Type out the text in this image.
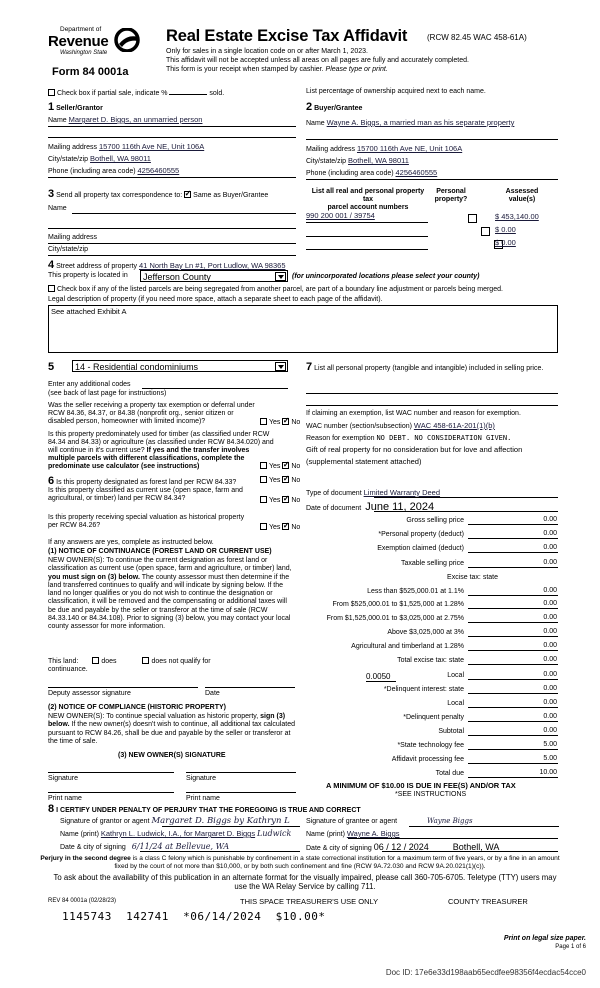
Department of
Revenue
Washington State
Form 84 0001a
Real Estate Excise Tax Affidavit (RCW 82.45 WAC 458-61A)
Only for sales in a single location code on or after March 1, 2023.
This affidavit will not be accepted unless all areas on all pages are fully and accurately completed.
This form is your receipt when stamped by cashier. Please type or print.
Check box if partial sale, indicate %	sold.	List percentage of ownership acquired next to each name.
1 Seller/Grantor
Name Margaret D. Biggs, an unmarried person
Mailing address 15700 116th Ave NE, Unit 106A
City/state/zip Bothell, WA 98011
Phone (including area code) 4256460555
2 Buyer/Grantee
Name Wayne A. Biggs, a married man as his separate property
Mailing address 15700 116th Ave NE, Unit 106A
City/state/zip Bothell, WA 98011
Phone (including area code) 4256460555
3 Send all property tax correspondence to: ✓ Same as Buyer/Grantee
Name
Mailing address
City/state/zip
List all real and personal property tax
parcel account numbers
Personal
property?
Assessed
value(s)
990 200 001 / 39754
	$ 453,140.00
$ 0.00
$ 0.00
4 Street address of property 41 North Bay Ln #1, Port Ludlow, WA 98365
This property is located in Jefferson County	(for unincorporated locations please select your county)
Check box if any of the listed parcels are being segregated from another parcel, are part of a boundary line adjustment or parcels being merged.
Legal description of property (if you need more space, attach a separate sheet to each page of the affidavit).
See attached Exhibit A
5 14 - Residential condominiums
Enter any additional codes
(see back of last page for instructions)
Was the seller receiving a property tax exemption or deferral under RCW 84.36, 84.37, or 84.38 (nonprofit org., senior citizen or disabled person, homeowner with limited income)?	Yes ✓ No
Is this property predominately used for timber (as classified under RCW 84.34 and 84.33) or agriculture (as classified under RCW 84.34.020) and will continue in it's current use? If yes and the transfer involves multiple parcels with different classifications, complete the predominate use calculator (see instructions)	Yes ✓ No
7 List all personal property (tangible and intangible) included in selling price.
If claiming an exemption, list WAC number and reason for exemption.
WAC number (section/subsection) WAC 458-61A-201(1)(b)
Reason for exemption NO DEBT. NO CONSIDERATION GIVEN.
Gift of real property for no consideration but for love and affection
(supplemental statement attached)
6 Is this property designated as forest land per RCW 84.33?	Yes ✓ No
Is this property classified as current use (open space, farm and agricultural, or timber) land per RCW 84.34?	Yes ✓ No
Is this property receiving special valuation as historical property per RCW 84.26?	Yes ✓ No
If any answers are yes, complete as instructed below.
(1) NOTICE OF CONTINUANCE (FOREST LAND OR CURRENT USE)
NEW OWNER(S): To continue the current designation as forest land or classification as current use (open space, farm and agriculture, or timber) land, you must sign on (3) below. The county assessor must then determine if the land transferred continues to qualify and will indicate by signing below. If the land no longer qualifies or you do not wish to continue the designation or classification, it will be removed and the compensating or additional taxes will be due and payable by the seller or transferor at the time of sale (RCW 84.33.140 or 84.34.108). Prior to signing (3) below, you may contact your local county assessor for more information.
This land:	does	does not qualify for
continuance.
Deputy assessor signature	Date
(2) NOTICE OF COMPLIANCE (HISTORIC PROPERTY)
NEW OWNER(S): To continue special valuation as historic property, sign (3) below. If the new owner(s) doesn't wish to continue, all additional tax calculated pursuant to RCW 84.26, shall be due and payable by the seller or transferor at the time of sale.
(3) NEW OWNER(S) SIGNATURE
Signature	Signature
Print name	Print name
Type of document Limited Warranty Deed
Date of document June 11, 2024
Gross selling price	0.00
*Personal property (deduct)	0.00
Exemption claimed (deduct)	0.00
Taxable selling price	0.00
Excise tax: state
Less than $525,000.01 at 1.1%	0.00
From $525,000.01 to $1,525,000 at 1.28%	0.00
From $1,525,000.01 to $3,025,000 at 2.75%	0.00
Above $3,025,000 at 3%	0.00
Agricultural and timberland at 1.28%	0.00
Total excise tax: state	0.00
Local	0.00
*Delinquent interest: state	0.00
Local	0.00
*Delinquent penalty	0.00
Subtotal	0.00
*State technology fee	5.00
Affidavit processing fee	5.00
Total due	10.00
0.0050
A MINIMUM OF $10.00 IS DUE IN FEE(S) AND/OR TAX
*SEE INSTRUCTIONS
8 I CERTIFY UNDER PENALTY OF PERJURY THAT THE FOREGOING IS TRUE AND CORRECT
Signature of grantor or agent Margaret D. Biggs by Kathryn L Signature of grantee or agent	Wayne Biggs
Name (print) Kathryn L. Ludwick, I.A., for Margaret D. Biggs Ludwick Name (print) Wayne A. Biggs
Date & city of signing 6/11/24 at Bellevue, WA	Date & city of signing 06 / 12 / 2024	Bothell, WA
Perjury in the second degree is a class C felony which is punishable by confinement in a state correctional institution for a maximum term of five years, or by a fine in an amount fixed by the court of not more than $10,000, or by both such confinement and fine (RCW 9A.72.030 and RCW 9A.20.021(1)(c)).
To ask about the availability of this publication in an alternate format for the visually impaired, please call 360-705-6705. Teletype (TTY) users may use the WA Relay Service by calling 711.
REV 84 0001a (02/28/23)	THIS SPACE TREASURER'S USE ONLY	COUNTY TREASURER
1145743  142741  *06/14/2024  $10.00*
Print on legal size paper.
Page 1 of 6
Doc ID: 17e6e33d198aab65ecdfee98356f4ecdac54cce0
